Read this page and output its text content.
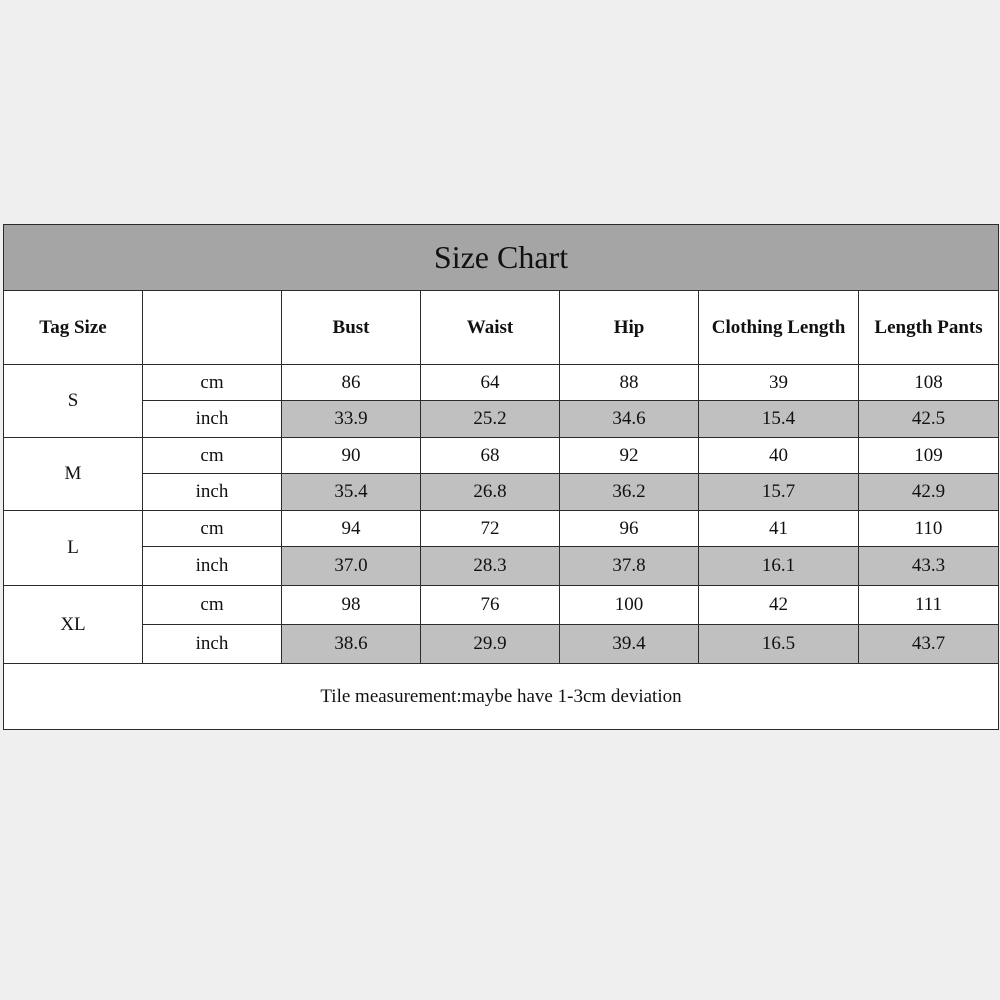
Size Chart						
Tag Size		Bust	Waist	Hip	Clothing Length	Length Pants
S	cm	86	64	88	39	108
	inch	33.9	25.2	34.6	15.4	42.5
M	cm	90	68	92	40	109
	inch	35.4	26.8	36.2	15.7	42.9
L	cm	94	72	96	41	110
	inch	37.0	28.3	37.8	16.1	43.3
XL	cm	98	76	100	42	111
	inch	38.6	29.9	39.4	16.5	43.7
Tile measurement:maybe have 1-3cm deviation						
